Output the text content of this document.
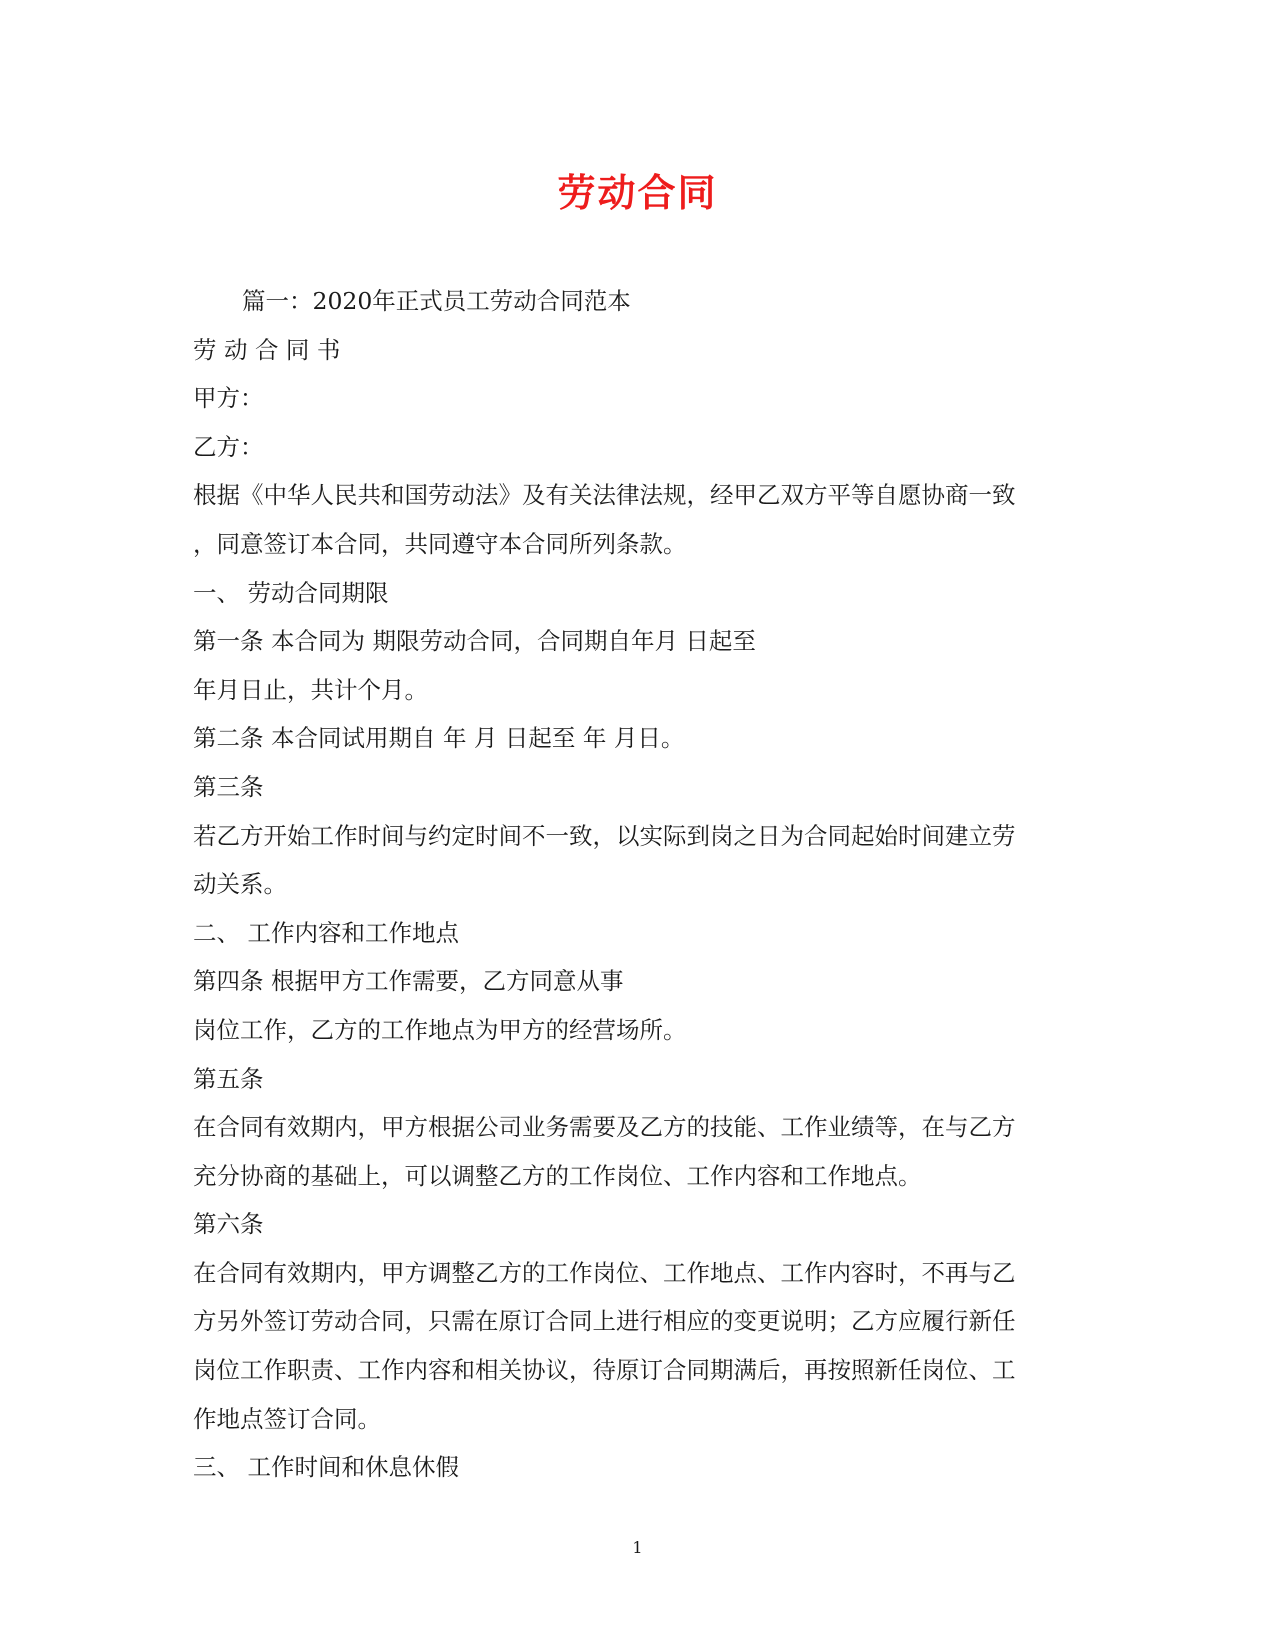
劳动合同

篇一：2020年正式员工劳动合同范本

劳 动 合 同 书

甲方：

乙方：

根据《中华人民共和国劳动法》及有关法律法规，经甲乙双方平等自愿协商一致

，同意签订本合同，共同遵守本合同所列条款。

一、 劳动合同期限

第一条 本合同为 期限劳动合同，合同期自年月 日起至

年月日止，共计个月。

第二条 本合同试用期自 年 月 日起至 年 月日。

第三条

若乙方开始工作时间与约定时间不一致，以实际到岗之日为合同起始时间建立劳

动关系。

二、 工作内容和工作地点

第四条 根据甲方工作需要，乙方同意从事

岗位工作，乙方的工作地点为甲方的经营场所。

第五条

在合同有效期内，甲方根据公司业务需要及乙方的技能、工作业绩等，在与乙方

充分协商的基础上，可以调整乙方的工作岗位、工作内容和工作地点。

第六条

在合同有效期内，甲方调整乙方的工作岗位、工作地点、工作内容时，不再与乙

方另外签订劳动合同，只需在原订合同上进行相应的变更说明；乙方应履行新任

岗位工作职责、工作内容和相关协议，待原订合同期满后，再按照新任岗位、工

作地点签订合同。

三、 工作时间和休息休假

1
